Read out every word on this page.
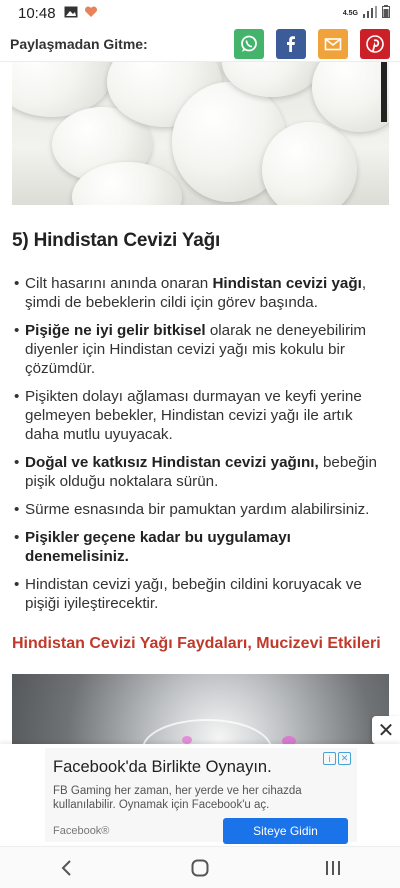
10:48	4.5G
Paylaşmadan Gitme:
5) Hindistan Cevizi Yağı
• Cilt hasarını anında onaran Hindistan cevizi yağı, şimdi de bebeklerin cildi için görev başında.
• Pişiğe ne iyi gelir bitkisel olarak ne deneyebilirim diyenler için Hindistan cevizi yağı mis kokulu bir çözümdür.
• Pişikten dolayı ağlaması durmayan ve keyfi yerine gelmeyen bebekler, Hindistan cevizi yağı ile artık daha mutlu uyuyacak.
• Doğal ve katkısız Hindistan cevizi yağını, bebeğin pişik olduğu noktalara sürün.
• Sürme esnasında bir pamuktan yardım alabilirsiniz.
• Pişikler geçene kadar bu uygulamayı denemelisiniz.
• Hindistan cevizi yağı, bebeğin cildini koruyacak ve pişiği iyileştirecektir.
Hindistan Cevizi Yağı Faydaları, Mucizevi Etkileri
✕
i	✕
Facebook'da Birlikte Oynayın.
FB Gaming her zaman, her yerde ve her cihazda kullanılabilir. Oynamak için Facebook'u aç.
Facebook®	Siteye Gidin
